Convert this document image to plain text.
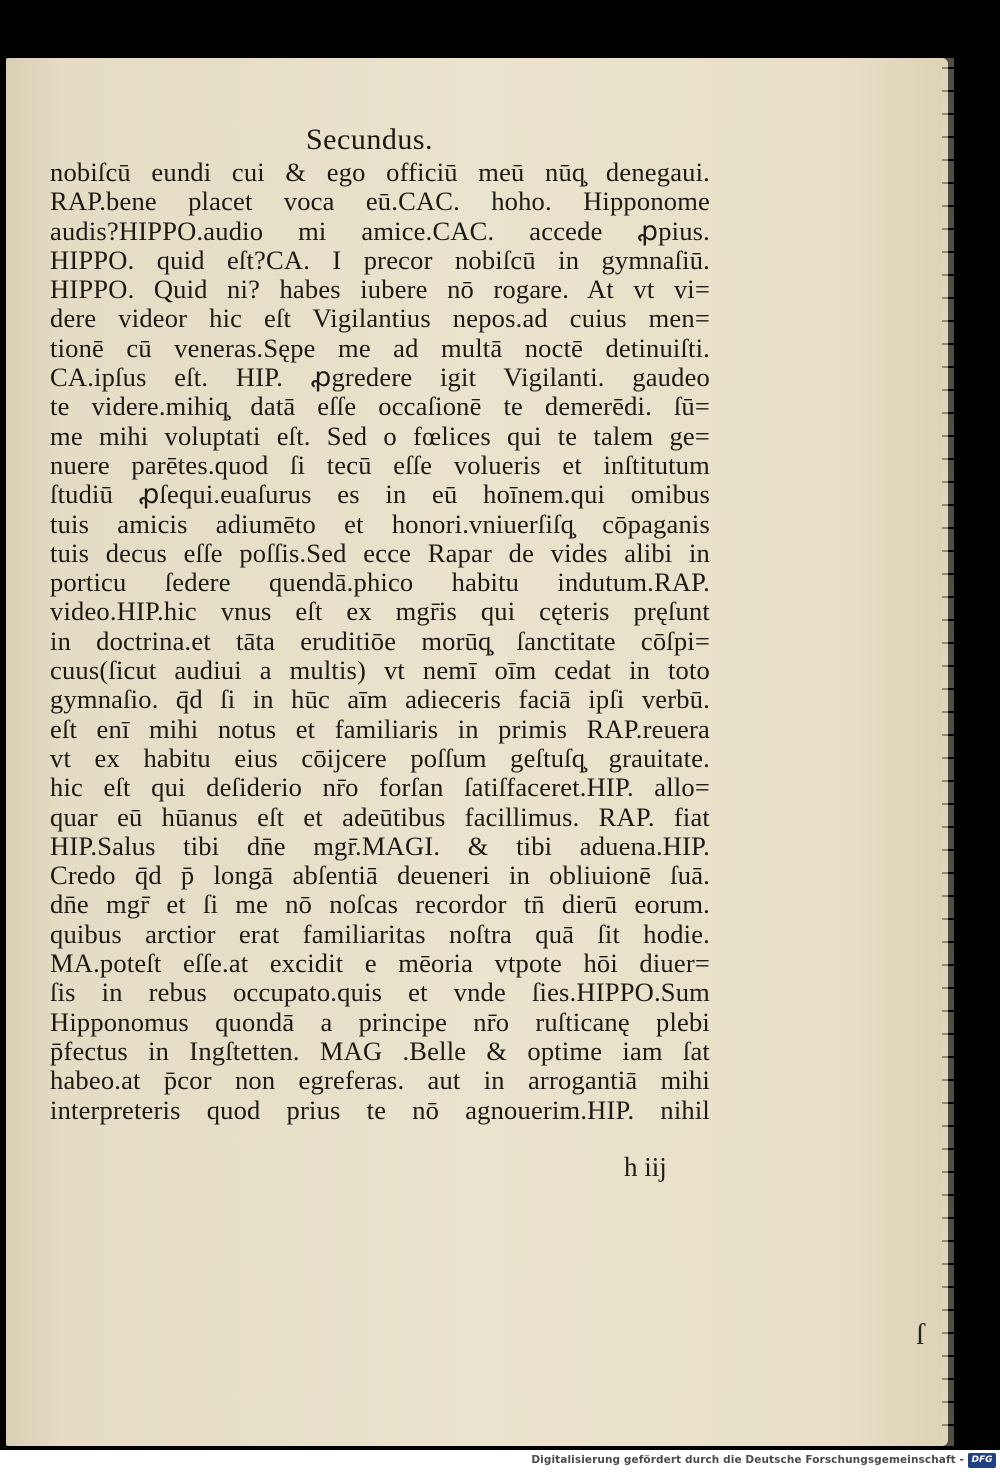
Secundus.
nobiſcū eundi cui & ego officiū meū nūq̧ denegaui.
RAP.bene placet voca eū.CAC. hoho. Hipponome
audis?HIPPO.audio mi amice.CAC. accede ꝓpius.
HIPPO. quid eſt?CA. I precor nobiſcū in gymnaſiū.
HIPPO. Quid ni? habes iubere nō rogare. At vt vi=
dere videor hic eſt Vigilantius nepos.ad cuius men=
tionē cū veneras.Sępe me ad multā noctē detinuiſti.
CA.ipſus eſt. HIP. ꝓgredere igit Vigilanti. gaudeo
te videre.mihiq̧ datā eſſe occaſionē te demerēdi. ſū=
me mihi voluptati eſt. Sed o fœlices qui te talem ge=
nuere parētes.quod ſi tecū eſſe volueris et inſtitutum
ſtudiū ꝓſequi.euaſurus es in eū hoīnem.qui omibus
tuis amicis adiumēto et honori.vniuerſiſq̧ cōpaganis
tuis decus eſſe poſſis.Sed ecce Rapar de vides alibi in
porticu ſedere quendā.phico habitu indutum.RAP.
video.HIP.hic vnus eſt ex mgr̄is qui cęteris pręſunt
in doctrina.et tāta eruditiōe morūq̧ ſanctitate cōſpi=
cuus(ſicut audiui a multis) vt nemī oīm cedat in toto
gymnaſio. q̄d ſi in hūc aīm adieceris faciā ipſi verbū.
eſt enī mihi notus et familiaris in primis RAP.reuera
vt ex habitu eius cōijcere poſſum geſtuſq̧ grauitate.
hic eſt qui deſiderio nr̄o forſan ſatiſfaceret.HIP. allo=
quar eū hūanus eſt et adeūtibus facillimus. RAP. fiat
HIP.Salus tibi dn̄e mgr̄.MAGI. & tibi aduena.HIP.
Credo q̄d p̄ longā abſentiā deueneri in obliuionē ſuā.
dn̄e mgr̄ et ſi me nō noſcas recordor tn̄ dierū eorum.
quibus arctior erat familiaritas noſtra quā ſit hodie.
MA.poteſt eſſe.at excidit e mēoria vtpote hōi diuer=
ſis in rebus occupato.quis et vnde ſies.HIPPO.Sum
Hipponomus quondā a principe nr̄o ruſticanę plebi
p̄fectus in Ingſtetten. MAG .Belle & optime iam ſat
habeo.at p̄cor non egreferas. aut in arrogantiā mihi
interpreteris quod prius te nō agnouerim.HIP. nihil
h iij
ſ
Digitalisierung gefördert durch die Deutsche Forschungsgemeinschaft - DFG
